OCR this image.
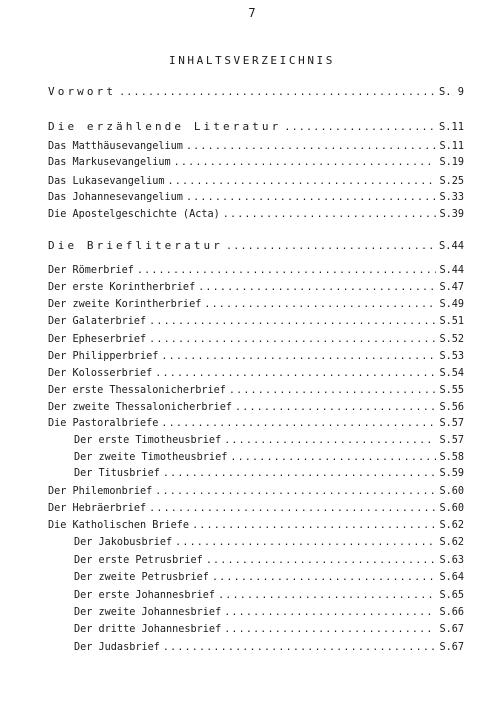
7
INHALTSVERZEICHNIS
Vorwort .....	S. 9
Die erzählende Literatur .....	S.11
Das Matthäusevangelium .....	S.11
Das Markusevangelium .....	S.19
Das Lukasevangelium .....	S.25
Das Johannesevangelium .....	S.33
Die Apostelgeschichte (Acta) .....	S.39
Die Briefliteratur .....	S.44
Der Römerbrief .....	S.44
Der erste Korintherbrief .....	S.47
Der zweite Korintherbrief .....	S.49
Der Galaterbrief .....	S.51
Der Epheserbrief .....	S.52
Der Philipperbrief .....	S.53
Der Kolosserbrief .....	S.54
Der erste Thessalonicherbrief .....	S.55
Der zweite Thessalonicherbrief .....	S.56
Die Pastoralbriefe .....	S.57
Der erste Timotheusbrief .....	S.57
Der zweite Timotheusbrief .....	S.58
Der Titusbrief .....	S.59
Der Philemonbrief .....	S.60
Der Hebräerbrief .....	S.60
Die Katholischen Briefe .....	S.62
Der Jakobusbrief .....	S.62
Der erste Petrusbrief .....	S.63
Der zweite Petrusbrief .....	S.64
Der erste Johannesbrief .....	S.65
Der zweite Johannesbrief .....	S.66
Der dritte Johannesbrief .....	S.67
Der Judasbrief .....	S.67
